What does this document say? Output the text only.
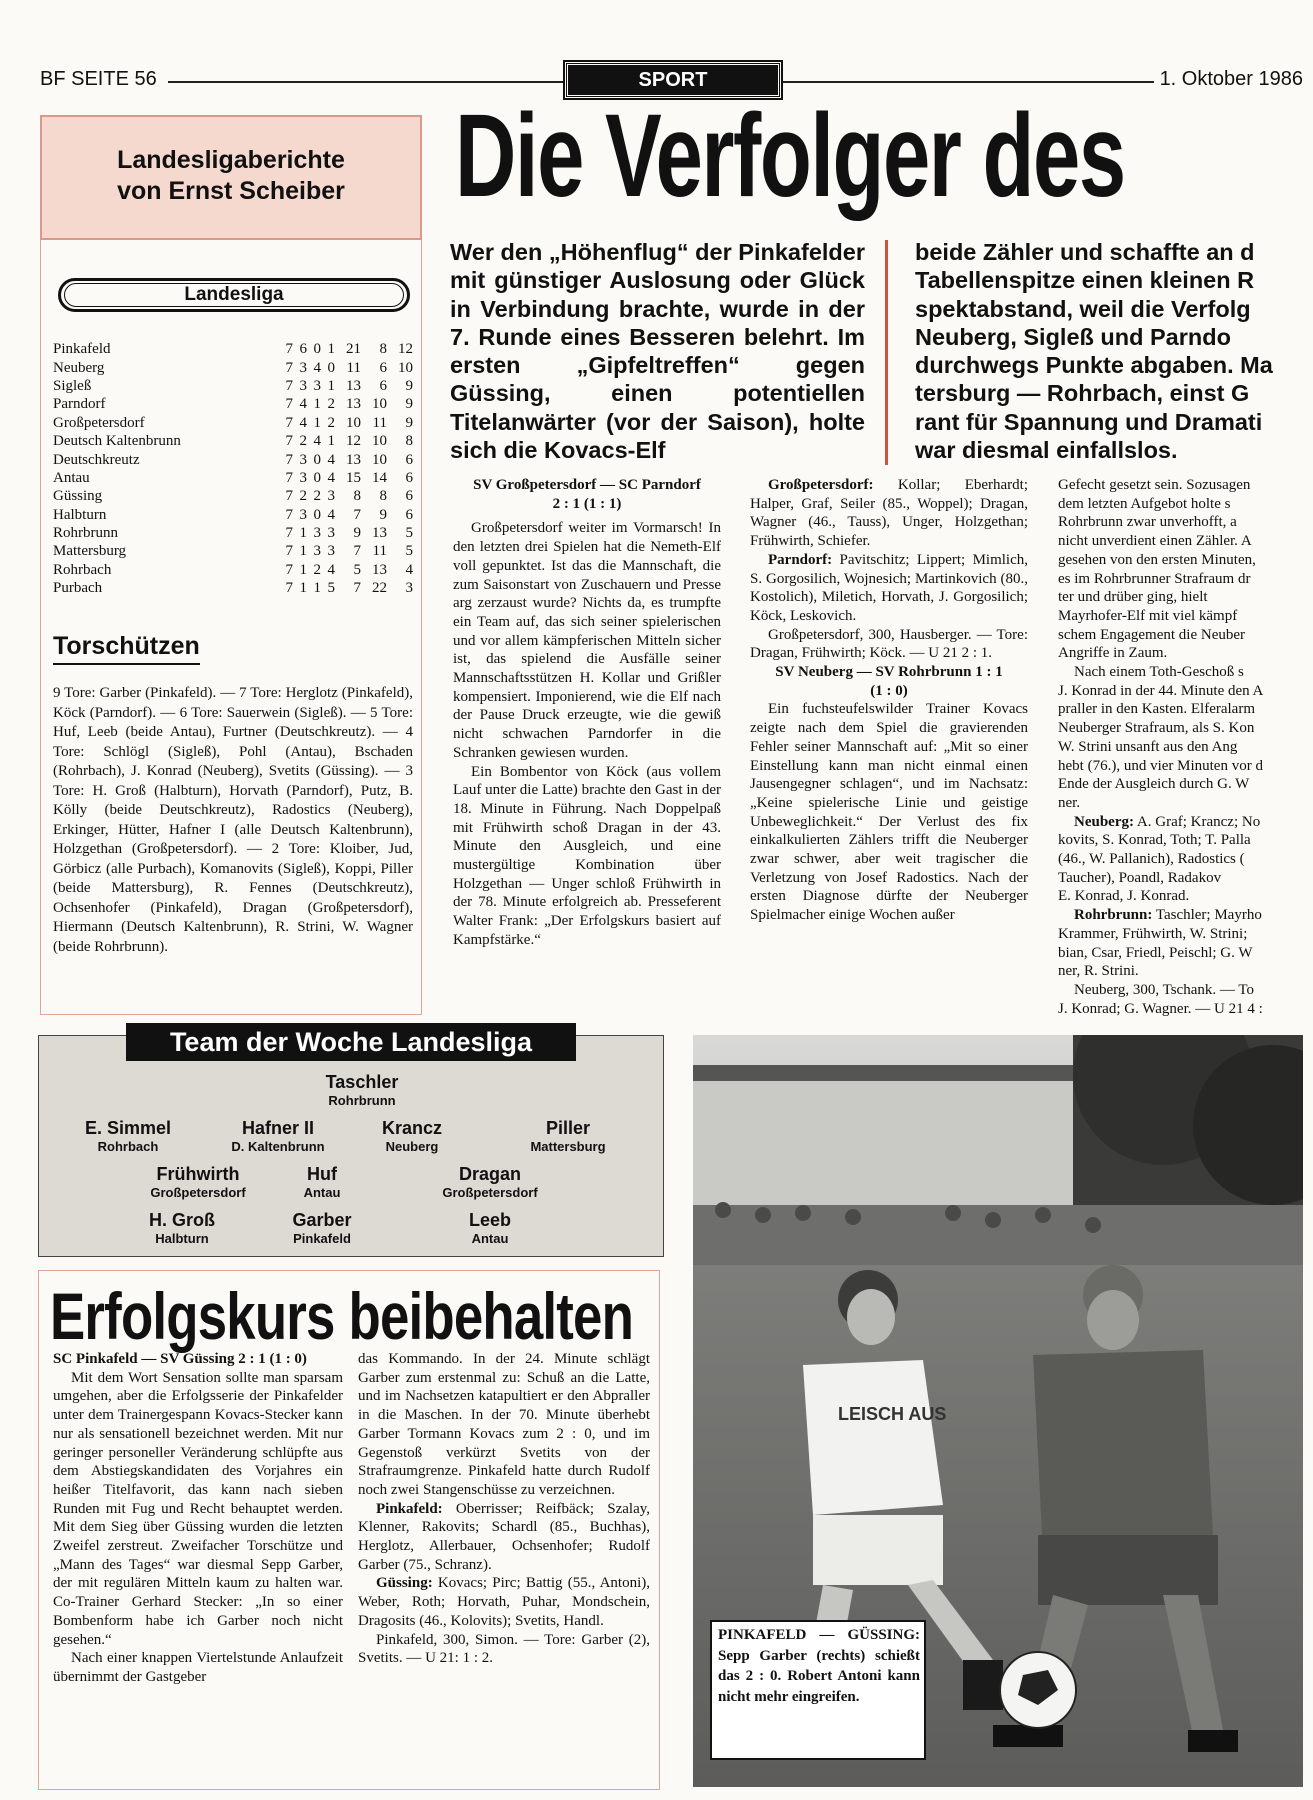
BF SEITE 56	SPORT	1. Oktober 1986
Landesligaberichte
von Ernst Scheiber
Landesliga
Pinkafeld	7	6	0	1	21	8	12
Neuberg	7	3	4	0	11	6	10
Sigleß	7	3	3	1	13	6	9
Parndorf	7	4	1	2	13	10	9
Großpetersdorf	7	4	1	2	10	11	9
Deutsch Kaltenbrunn	7	2	4	1	12	10	8
Deutschkreutz	7	3	0	4	13	10	6
Antau	7	3	0	4	15	14	6
Güssing	7	2	2	3	8	8	6
Halbturn	7	3	0	4	7	9	6
Rohrbrunn	7	1	3	3	9	13	5
Mattersburg	7	1	3	3	7	11	5
Rohrbach	7	1	2	4	5	13	4
Purbach	7	1	1	5	7	22	3
Torschützen
9 Tore: Garber (Pinkafeld). — 7 Tore: Herglotz (Pinkafeld), Köck (Parndorf). — 6 Tore: Sauerwein (Sigleß). — 5 Tore: Huf, Leeb (beide Antau), Furtner (Deutschkreutz). — 4 Tore: Schlögl (Sigleß), Pohl (Antau), Bschaden (Rohrbach), J. Konrad (Neuberg), Svetits (Güssing). — 3 Tore: H. Groß (Halbturn), Horvath (Parndorf), Putz, B. Kölly (beide Deutschkreutz), Radostics (Neuberg), Erkinger, Hütter, Hafner I (alle Deutsch Kaltenbrunn), Holzgethan (Großpetersdorf). — 2 Tore: Kloiber, Jud, Görbicz (alle Purbach), Komanovits (Sigleß), Koppi, Piller (beide Mattersburg), R. Fennes (Deutschkreutz), Ochsenhofer (Pinkafeld), Dragan (Großpetersdorf), Hiermann (Deutsch Kaltenbrunn), R. Strini, W. Wagner (beide Rohrbrunn).
Die Verfolger des
Wer den „Höhenflug“ der Pinkafelder mit günstiger Auslosung oder Glück in Verbindung brachte, wurde in der 7. Runde eines Besseren belehrt. Im ersten „Gipfeltreffen“ gegen Güssing, einen potentiellen Titelanwärter (vor der Saison), holte sich die Kovacs-Elf
beide Zähler und schaffte an d
Tabellenspitze einen kleinen R
spektabstand, weil die Verfolg
Neuberg, Sigleß und Parndo
durchwegs Punkte abgaben. Ma
tersburg — Rohrbach, einst G
rant für Spannung und Dramati
war diesmal einfallslos.

SV Großpetersdorf — SC Parndorf

2 : 1 (1 : 1)

Großpetersdorf weiter im Vormarsch! In den letzten drei Spielen hat die Nemeth-Elf voll gepunktet. Ist das die Mannschaft, die zum Saisonstart von Zuschauern und Presse arg zerzaust wurde? Nichts da, es trumpfte ein Team auf, das sich seiner spielerischen und vor allem kämpferischen Mitteln sicher ist, das spielend die Ausfälle seiner Mannschaftsstützen H. Kollar und Grißler kompensiert. Imponierend, wie die Elf nach der Pause Druck erzeugte, wie die gewiß nicht schwachen Parndorfer in die Schranken gewiesen wurden.

Ein Bombentor von Köck (aus vollem Lauf unter die Latte) brachte den Gast in der 18. Minute in Führung. Nach Doppelpaß mit Frühwirth schoß Dragan in der 43. Minute den Ausgleich, und eine mustergültige Kombination über Holzgethan — Unger schloß Frühwirth in der 78. Minute erfolgreich ab. Presseferent Walter Frank: „Der Erfolgskurs basiert auf Kampfstärke.“

Großpetersdorf: Kollar; Eberhardt; Halper, Graf, Seiler (85., Woppel); Dragan, Wagner (46., Tauss), Unger, Holzgethan; Frühwirth, Schiefer.

Parndorf: Pavitschitz; Lippert; Mimlich, S. Gorgosilich, Wojnesich; Martinkovich (80., Kostolich), Miletich, Horvath, J. Gorgosilich; Köck, Leskovich.

Großpetersdorf, 300, Hausberger. — Tore: Dragan, Frühwirth; Köck. — U 21 2 : 1.

SV Neuberg — SV Rohrbrunn 1 : 1

(1 : 0)

Ein fuchsteufelswilder Trainer Kovacs zeigte nach dem Spiel die gravierenden Fehler seiner Mannschaft auf: „Mit so einer Einstellung kann man nicht einmal einen Jausengegner schlagen“, und im Nachsatz: „Keine spielerische Linie und geistige Unbeweglichkeit.“ Der Verlust des fix einkalkulierten Zählers trifft die Neuberger zwar schwer, aber weit tragischer die Verletzung von Josef Radostics. Nach der ersten Diagnose dürfte der Neuberger Spielmacher einige Wochen außer

Gefecht gesetzt sein. Sozusagen
dem letzten Aufgebot holte s
Rohrbrunn zwar unverhofft, a
nicht unverdient einen Zähler. A
gesehen von den ersten Minuten,
es im Rohrbrunner Strafraum dr
ter und drüber ging, hielt
Mayrhofer-Elf mit viel kämpf
schem Engagement die Neuber
Angriffe in Zaum.
Nach einem Toth-Geschoß s
J. Konrad in der 44. Minute den A
praller in den Kasten. Elferalarm
Neuberger Strafraum, als S. Kon
W. Strini unsanft aus den Ang
hebt (76.), und vier Minuten vor d
Ende der Ausgleich durch G. W
ner.
Neuberg: A. Graf; Krancz; No
kovits, S. Konrad, Toth; T. Palla
(46., W. Pallanich), Radostics (
Taucher), Poandl, Radakov
E. Konrad, J. Konrad.
Rohrbrunn: Taschler; Mayrho
Krammer, Frühwirth, W. Strini;
bian, Csar, Friedl, Peischl; G. W
ner, R. Strini.
Neuberg, 300, Tschank. — To
J. Konrad; G. Wagner. — U 21 4 :
Team der Woche Landesliga
Taschler
Rohrbrunn
E. Simmel
Rohrbach
Hafner II
D. Kaltenbrunn
Krancz
Neuberg
Piller
Mattersburg
Frühwirth
Großpetersdorf
Huf
Antau
Dragan
Großpetersdorf
H. Groß
Halbturn
Garber
Pinkafeld
Leeb
Antau
Erfolgskurs beibehalten

SC Pinkafeld — SV Güssing 2 : 1 (1 : 0)

Mit dem Wort Sensation sollte man sparsam umgehen, aber die Erfolgsserie der Pinkafelder unter dem Trainergespann Kovacs-Stecker kann nur als sensationell bezeichnet werden. Mit nur geringer personeller Veränderung schlüpfte aus dem Abstiegskandidaten des Vorjahres ein heißer Titelfavorit, das kann nach sieben Runden mit Fug und Recht behauptet werden. Mit dem Sieg über Güssing wurden die letzten Zweifel zerstreut. Zweifacher Torschütze und „Mann des Tages“ war diesmal Sepp Garber, der mit regulären Mitteln kaum zu halten war. Co-Trainer Gerhard Stecker: „In so einer Bombenform habe ich Garber noch nicht gesehen.“

Nach einer knappen Viertelstunde Anlaufzeit übernimmt der Gastgeber

das Kommando. In der 24. Minute schlägt Garber zum erstenmal zu: Schuß an die Latte, und im Nachsetzen katapultiert er den Abpraller in die Maschen. In der 70. Minute überhebt Garber Tormann Kovacs zum 2 : 0, und im Gegenstoß verkürzt Svetits von der Strafraumgrenze. Pinkafeld hatte durch Rudolf noch zwei Stangenschüsse zu verzeichnen.

Pinkafeld: Oberrisser; Reifbäck; Szalay, Klenner, Rakovits; Schardl (85., Buchhas), Herglotz, Allerbauer, Ochsenhofer; Rudolf Garber (75., Schranz).

Güssing: Kovacs; Pirc; Battig (55., Antoni), Weber, Roth; Horvath, Puhar, Mondschein, Dragosits (46., Kolovits); Svetits, Handl.

Pinkafeld, 300, Simon. — Tore: Garber (2), Svetits. — U 21: 1 : 2.

LEISCH AUS
PINKAFELD — GÜSSING: Sepp Garber (rechts) schießt das 2 : 0. Robert Antoni kann nicht mehr eingreifen.
